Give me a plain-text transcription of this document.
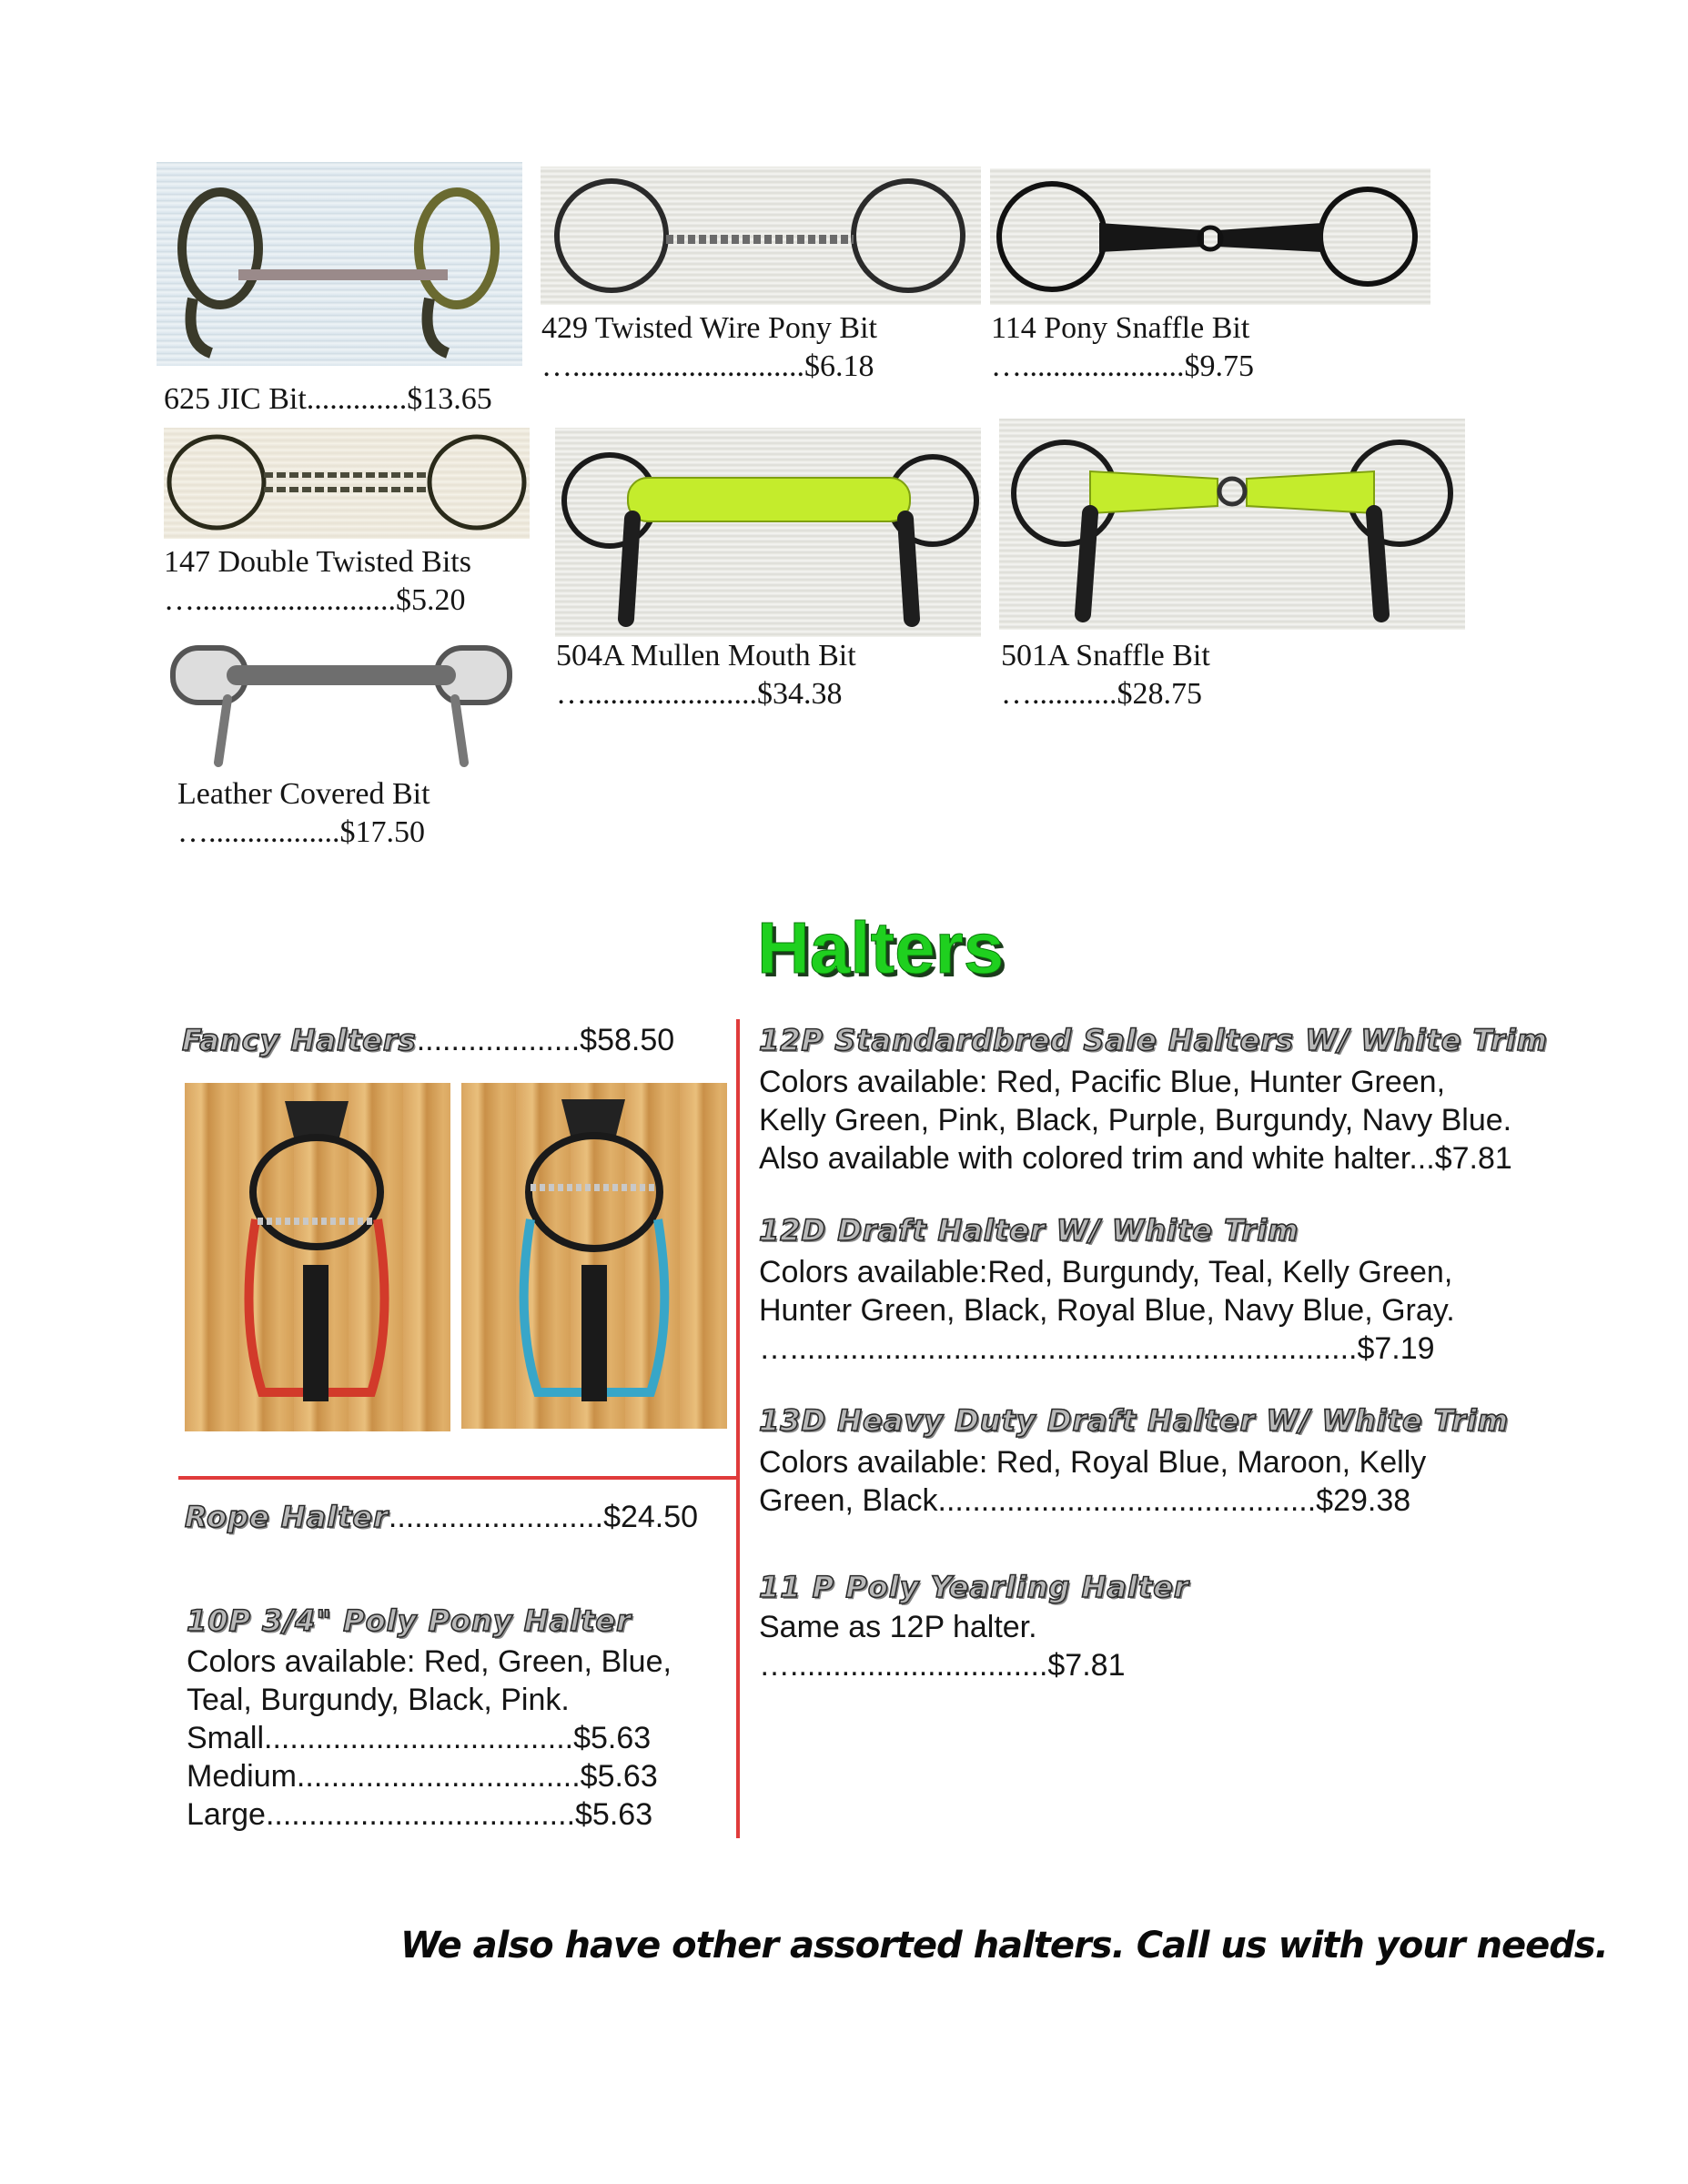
625 JIC Bit.............$13.65
429 Twisted Wire Pony Bit
…..............................$6.18
114 Pony Snaffle Bit
….....................$9.75
147 Double Twisted Bits
…..........................$5.20
504A Mullen Mouth Bit
…......................$34.38
501A Snaffle Bit
…...........$28.75
Leather Covered Bit
….................$17.50
Halters
Fancy Halters...................$58.50
Rope Halter.........................$24.50
10P 3/4" Poly Pony Halter
Colors available: Red, Green, Blue,
Teal, Burgundy, Black, Pink.
Small....................................$5.63
Medium.................................$5.63
Large....................................$5.63
12P Standardbred Sale Halters W/ White Trim
Colors available: Red, Pacific Blue, Hunter Green,
Kelly Green, Pink, Black, Purple, Burgundy, Navy Blue.
Also available with colored trim and white halter...$7.81
12D Draft Halter W/ White Trim
Colors available:Red, Burgundy, Teal, Kelly Green,
Hunter Green, Black, Royal Blue, Navy Blue, Gray.
…..................................................................$7.19
13D Heavy Duty Draft Halter W/ White Trim
Colors available: Red, Royal Blue, Maroon, Kelly
Green, Black............................................$29.38
11 P Poly Yearling Halter
Same as 12P halter.
…..............................$7.81
We also have other assorted halters. Call us with your needs.
